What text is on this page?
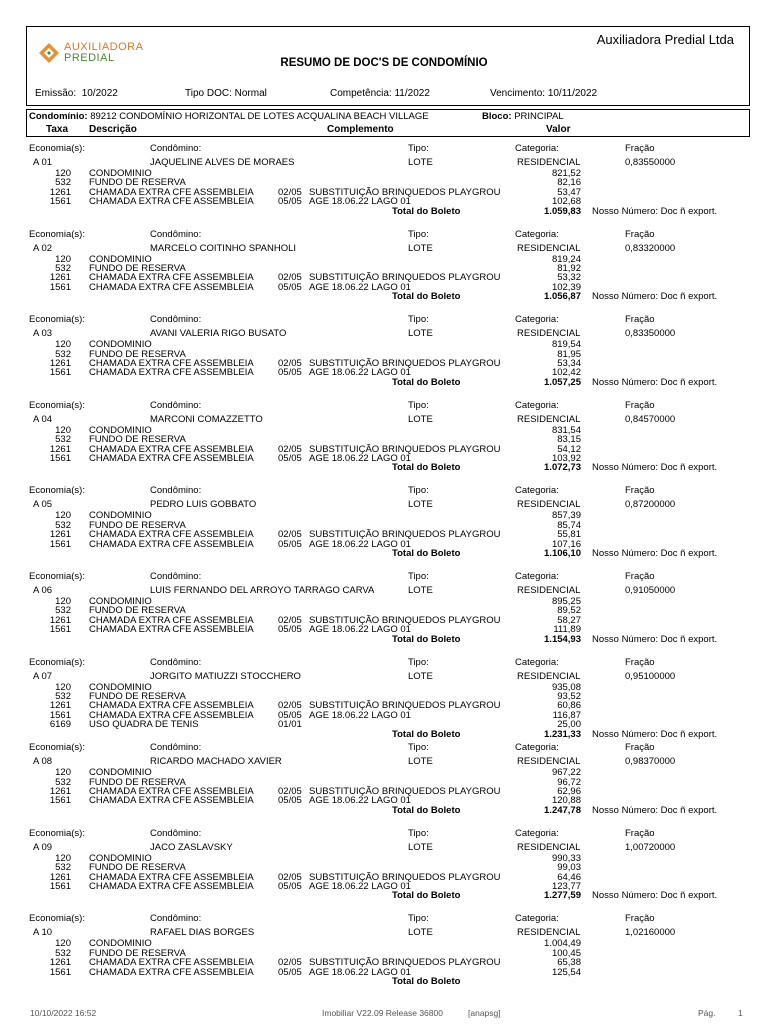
AUXILIADORA
PREDIAL
Auxiliadora Predial Ltda
RESUMO DE DOC'S DE CONDOMÍNIO
Emissão: 10/2022	Tipo DOC: Normal	Competência: 11/2022	Vencimento: 10/11/2022
Condomínio: 89212 CONDOMÍNIO HORIZONTAL DE LOTES ACQUALINA BEACH VILLAGE	Bloco: PRINCIPAL
Taxa Descrição	Complemento	Valor
Economia(s):	Condômino:	Tipo:	Categoria:	Fração
A 01	JAQUELINE ALVES DE MORAES	LOTE	RESIDENCIAL	0,83550000
120 CONDOMINIO	821,52
532 FUNDO DE RESERVA	82,16
1261 CHAMADA EXTRA CFE ASSEMBLEIA	02/05 SUBSTITUIÇÃO BRINQUEDOS PLAYGROU	53,47
1561 CHAMADA EXTRA CFE ASSEMBLEIA	05/05 AGE 18.06.22 LAGO 01	102,68
Total do Boleto	1.059,83 Nosso Número: Doc ñ export.
Economia(s):	Condômino:	Tipo:	Categoria:	Fração
A 02	MARCELO COITINHO SPANHOLI	LOTE	RESIDENCIAL	0,83320000
120 CONDOMINIO	819,24
532 FUNDO DE RESERVA	81,92
1261 CHAMADA EXTRA CFE ASSEMBLEIA	02/05 SUBSTITUIÇÃO BRINQUEDOS PLAYGROU	53,32
1561 CHAMADA EXTRA CFE ASSEMBLEIA	05/05 AGE 18.06.22 LAGO 01	102,39
Total do Boleto	1.056,87 Nosso Número: Doc ñ export.
Economia(s):	Condômino:	Tipo:	Categoria:	Fração
A 03	AVANI VALERIA RIGO BUSATO	LOTE	RESIDENCIAL	0,83350000
120 CONDOMINIO	819,54
532 FUNDO DE RESERVA	81,95
1261 CHAMADA EXTRA CFE ASSEMBLEIA	02/05 SUBSTITUIÇÃO BRINQUEDOS PLAYGROU	53,34
1561 CHAMADA EXTRA CFE ASSEMBLEIA	05/05 AGE 18.06.22 LAGO 01	102,42
Total do Boleto	1.057,25 Nosso Número: Doc ñ export.
Economia(s):	Condômino:	Tipo:	Categoria:	Fração
A 04	MARCONI COMAZZETTO	LOTE	RESIDENCIAL	0,84570000
120 CONDOMINIO	831,54
532 FUNDO DE RESERVA	83,15
1261 CHAMADA EXTRA CFE ASSEMBLEIA	02/05 SUBSTITUIÇÃO BRINQUEDOS PLAYGROU	54,12
1561 CHAMADA EXTRA CFE ASSEMBLEIA	05/05 AGE 18.06.22 LAGO 01	103,92
Total do Boleto	1.072,73 Nosso Número: Doc ñ export.
Economia(s):	Condômino:	Tipo:	Categoria:	Fração
A 05	PEDRO LUIS GOBBATO	LOTE	RESIDENCIAL	0,87200000
120 CONDOMINIO	857,39
532 FUNDO DE RESERVA	85,74
1261 CHAMADA EXTRA CFE ASSEMBLEIA	02/05 SUBSTITUIÇÃO BRINQUEDOS PLAYGROU	55,81
1561 CHAMADA EXTRA CFE ASSEMBLEIA	05/05 AGE 18.06.22 LAGO 01	107,16
Total do Boleto	1.106,10 Nosso Número: Doc ñ export.
Economia(s):	Condômino:	Tipo:	Categoria:	Fração
A 06	LUIS FERNANDO DEL ARROYO TARRAGO CARVA	LOTE	RESIDENCIAL	0,91050000
120 CONDOMINIO	895,25
532 FUNDO DE RESERVA	89,52
1261 CHAMADA EXTRA CFE ASSEMBLEIA	02/05 SUBSTITUIÇÃO BRINQUEDOS PLAYGROU	58,27
1561 CHAMADA EXTRA CFE ASSEMBLEIA	05/05 AGE 18.06.22 LAGO 01	111,89
Total do Boleto	1.154,93 Nosso Número: Doc ñ export.
Economia(s):	Condômino:	Tipo:	Categoria:	Fração
A 07	JORGITO MATIUZZI STOCCHERO	LOTE	RESIDENCIAL	0,95100000
120 CONDOMINIO	935,08
532 FUNDO DE RESERVA	93,52
1261 CHAMADA EXTRA CFE ASSEMBLEIA	02/05 SUBSTITUIÇÃO BRINQUEDOS PLAYGROU	60,86
1561 CHAMADA EXTRA CFE ASSEMBLEIA	05/05 AGE 18.06.22 LAGO 01	116,87
6169 USO QUADRA DE TENIS	01/01	25,00
Total do Boleto	1.231,33 Nosso Número: Doc ñ export.
Economia(s):	Condômino:	Tipo:	Categoria:	Fração
A 08	RICARDO MACHADO XAVIER	LOTE	RESIDENCIAL	0,98370000
120 CONDOMINIO	967,22
532 FUNDO DE RESERVA	96,72
1261 CHAMADA EXTRA CFE ASSEMBLEIA	02/05 SUBSTITUIÇÃO BRINQUEDOS PLAYGROU	62,96
1561 CHAMADA EXTRA CFE ASSEMBLEIA	05/05 AGE 18.06.22 LAGO 01	120,88
Total do Boleto	1.247,78 Nosso Número: Doc ñ export.
Economia(s):	Condômino:	Tipo:	Categoria:	Fração
A 09	JACO ZASLAVSKY	LOTE	RESIDENCIAL	1,00720000
120 CONDOMINIO	990,33
532 FUNDO DE RESERVA	99,03
1261 CHAMADA EXTRA CFE ASSEMBLEIA	02/05 SUBSTITUIÇÃO BRINQUEDOS PLAYGROU	64,46
1561 CHAMADA EXTRA CFE ASSEMBLEIA	05/05 AGE 18.06.22 LAGO 01	123,77
Total do Boleto	1.277,59 Nosso Número: Doc ñ export.
Economia(s):	Condômino:	Tipo:	Categoria:	Fração
A 10	RAFAEL DIAS BORGES	LOTE	RESIDENCIAL	1,02160000
120 CONDOMINIO	1.004,49
532 FUNDO DE RESERVA	100,45
1261 CHAMADA EXTRA CFE ASSEMBLEIA	02/05 SUBSTITUIÇÃO BRINQUEDOS PLAYGROU	65,38
1561 CHAMADA EXTRA CFE ASSEMBLEIA	05/05 AGE 18.06.22 LAGO 01	125,54
Total do Boleto
10/10/2022 16:52	Imobiliar V22.09 Release 36800	[anapsg]	Pág.	1
